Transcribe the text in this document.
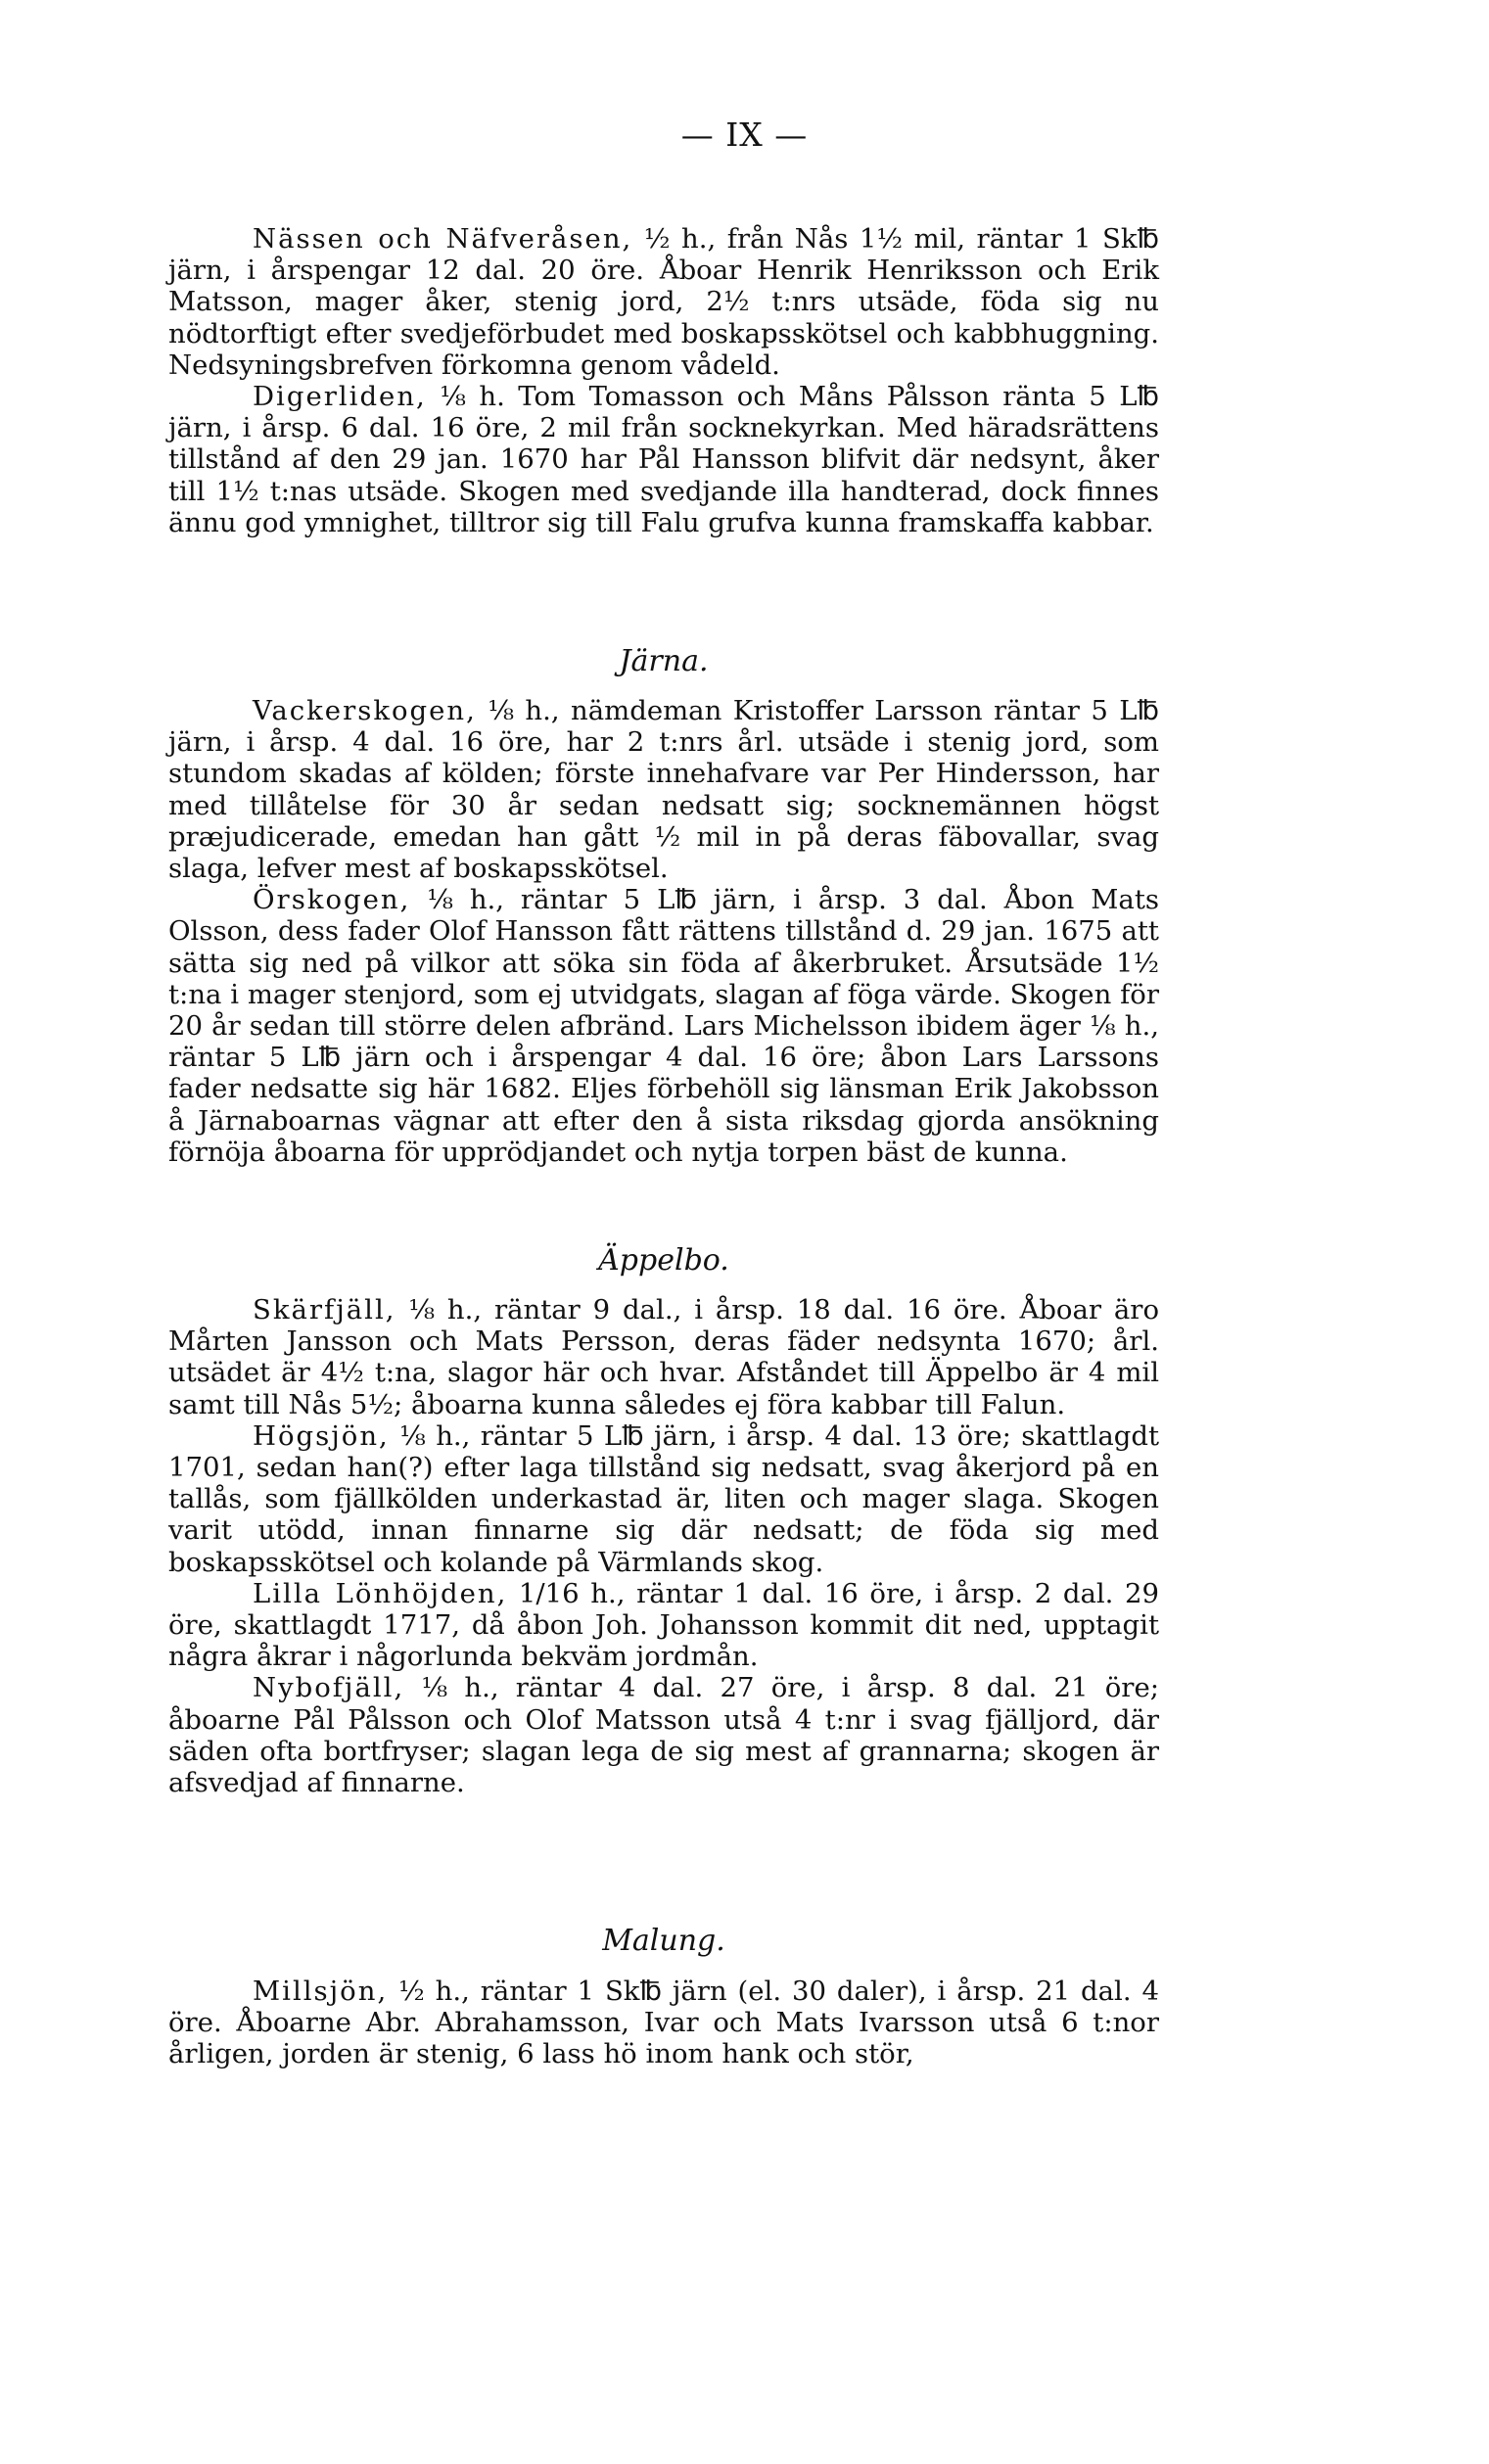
— IX —

Nässen och Näfveråsen, ½ h., från Nås 1½ mil, räntar 1 Sk℔ järn, i årspengar 12 dal. 20 öre. Åboar Henrik Henriksson och Erik Matsson, mager åker, stenig jord, 2½ t:nrs utsäde, föda sig nu nödtorftigt efter svedjeförbudet med boskapsskötsel och kabbhuggning. Nedsyningsbrefven förkomna genom vådeld.

Digerliden, ⅛ h. Tom Tomasson och Måns Pålsson ränta 5 L℔ järn, i årsp. 6 dal. 16 öre, 2 mil från socknekyrkan. Med häradsrättens tillstånd af den 29 jan. 1670 har Pål Hansson blifvit där nedsynt, åker till 1½ t:nas utsäde. Skogen med svedjande illa handterad, dock finnes ännu god ymnighet, tilltror sig till Falu grufva kunna framskaffa kabbar.

Järna.

Vackerskogen, ⅛ h., nämdeman Kristoffer Larsson räntar 5 L℔ järn, i årsp. 4 dal. 16 öre, har 2 t:nrs årl. utsäde i stenig jord, som stundom skadas af kölden; förste innehafvare var Per Hindersson, har med tillåtelse för 30 år sedan nedsatt sig; socknemännen högst præjudicerade, emedan han gått ½ mil in på deras fäbovallar, svag slaga, lefver mest af boskapsskötsel.

Örskogen, ⅛ h., räntar 5 L℔ järn, i årsp. 3 dal. Åbon Mats Olsson, dess fader Olof Hansson fått rättens tillstånd d. 29 jan. 1675 att sätta sig ned på vilkor att söka sin föda af åkerbruket. Årsutsäde 1½ t:na i mager stenjord, som ej utvidgats, slagan af föga värde. Skogen för 20 år sedan till större delen afbränd. Lars Michelsson ibidem äger ⅛ h., räntar 5 L℔ järn och i årspengar 4 dal. 16 öre; åbon Lars Larssons fader nedsatte sig här 1682. Eljes förbehöll sig länsman Erik Jakobsson å Järnaboarnas vägnar att efter den å sista riksdag gjorda ansökning förnöja åboarna för upprödjandet och nytja torpen bäst de kunna.

Äppelbo.

Skärfjäll, ⅛ h., räntar 9 dal., i årsp. 18 dal. 16 öre. Åboar äro Mårten Jansson och Mats Persson, deras fäder nedsynta 1670; årl. utsädet är 4½ t:na, slagor här och hvar. Afståndet till Äppelbo är 4 mil samt till Nås 5½; åboarna kunna således ej föra kabbar till Falun.

Högsjön, ⅛ h., räntar 5 L℔ järn, i årsp. 4 dal. 13 öre; skattlagdt 1701, sedan han(?) efter laga tillstånd sig nedsatt, svag åkerjord på en tallås, som fjällkölden underkastad är, liten och mager slaga. Skogen varit utödd, innan finnarne sig där nedsatt; de föda sig med boskapsskötsel och kolande på Värmlands skog.

Lilla Lönhöjden, 1/16 h., räntar 1 dal. 16 öre, i årsp. 2 dal. 29 öre, skattlagdt 1717, då åbon Joh. Johansson kommit dit ned, upptagit några åkrar i någorlunda bekväm jordmån.

Nybofjäll, ⅛ h., räntar 4 dal. 27 öre, i årsp. 8 dal. 21 öre; åboarne Pål Pålsson och Olof Matsson utså 4 t:nr i svag fjälljord, där säden ofta bortfryser; slagan lega de sig mest af grannarna; skogen är afsvedjad af finnarne.

Malung.

Millsjön, ½ h., räntar 1 Sk℔ järn (el. 30 daler), i årsp. 21 dal. 4 öre. Åboarne Abr. Abrahamsson, Ivar och Mats Ivarsson utså 6 t:nor årligen, jorden är stenig, 6 lass hö inom hank och stör,
